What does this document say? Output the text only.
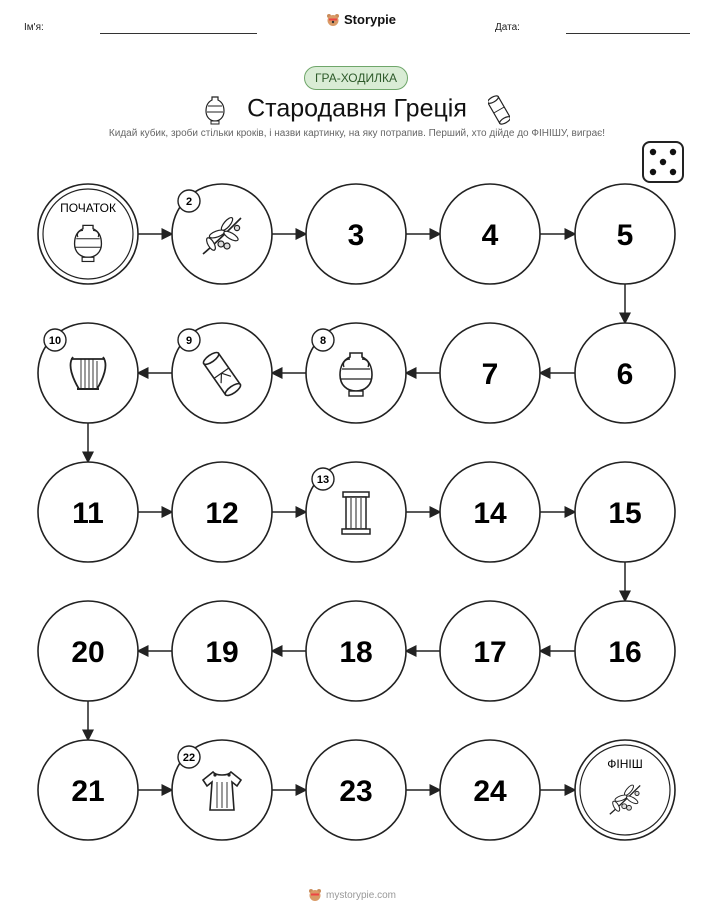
Ім'я:
Storypie
Дата:
ГРА-ХОДИЛКА
Стародавня Греція
Кидай кубик, зроби стільки кроків, і назви картинку, на яку потрапив. Перший, хто дійде до ФІНІШУ, виграє!
ПОЧАТОК	2
3	4	5
6
7
8
9
10
11	12
13
14	15
16
17
18
19
20
21
22
23	24
ФІНІШ
mystorypie.com
